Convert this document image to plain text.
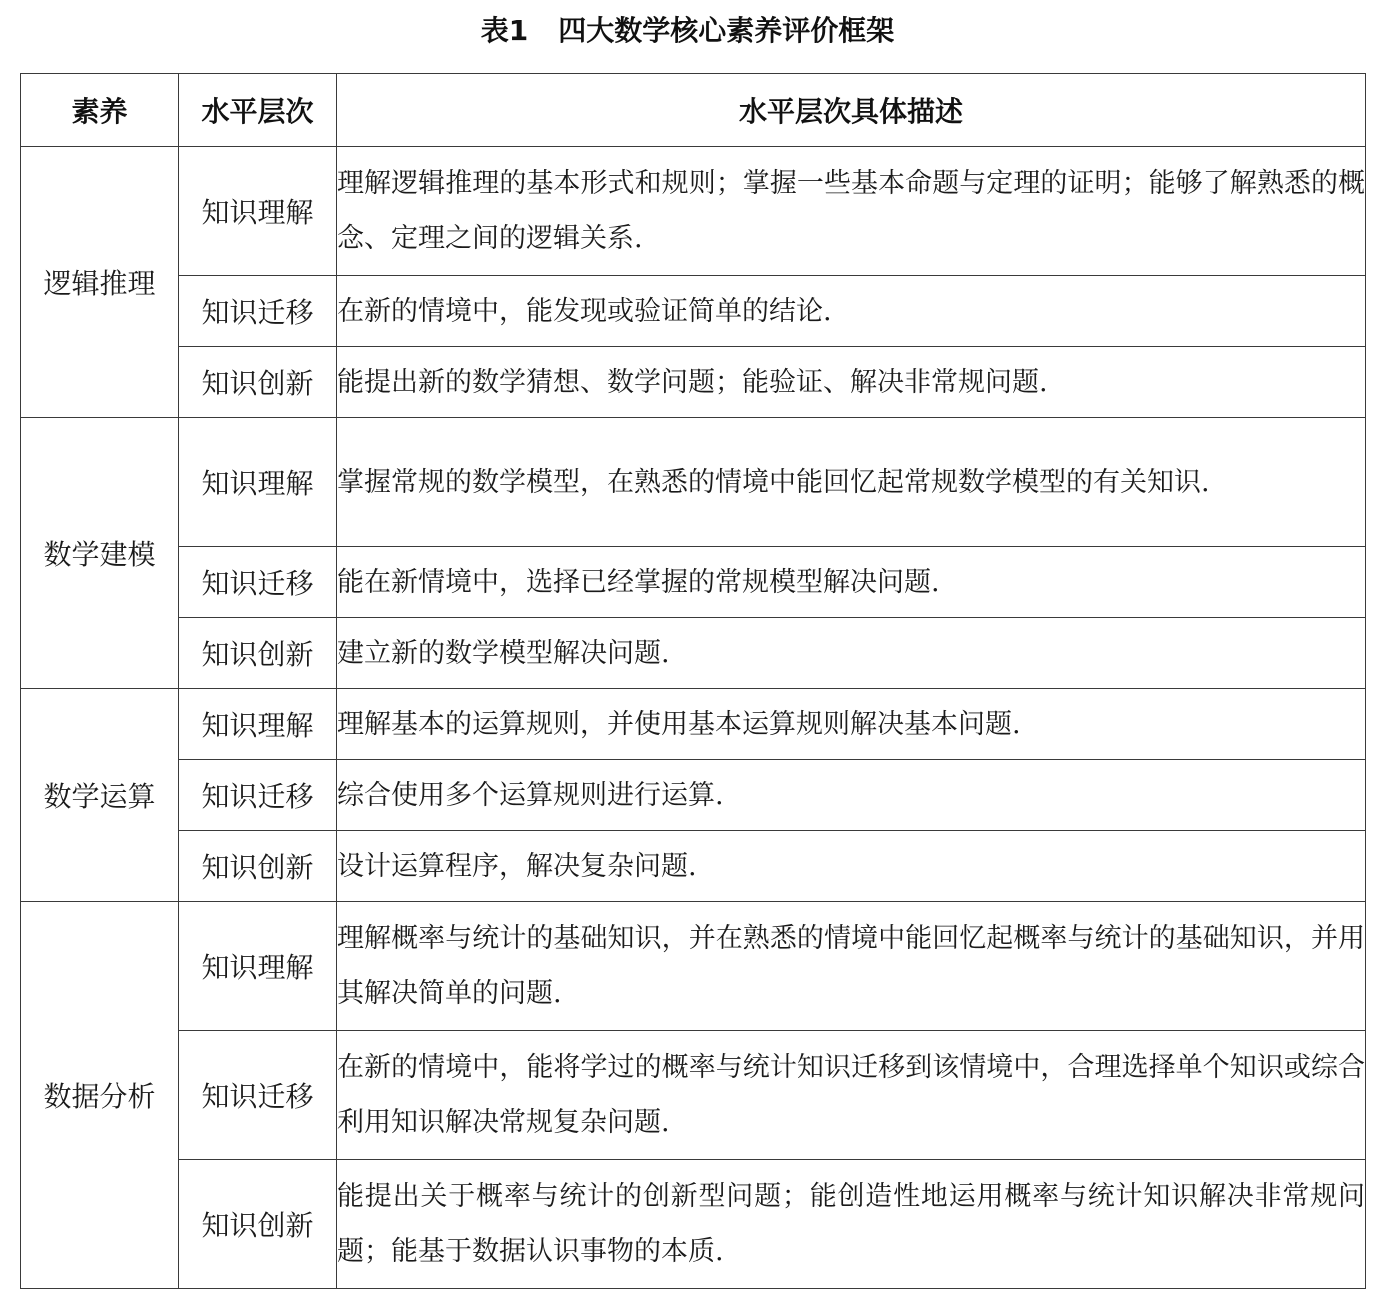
表1 四大数学核心素养评价框架
素养	水平层次	水平层次具体描述
逻辑推理	知识理解	理解逻辑推理的基本形式和规则；掌握一些基本命题与定理的证明；能够了解熟悉的概念、定理之间的逻辑关系.
	知识迁移	在新的情境中，能发现或验证简单的结论.
	知识创新	能提出新的数学猜想、数学问题；能验证、解决非常规问题.
数学建模	知识理解	掌握常规的数学模型，在熟悉的情境中能回忆起常规数学模型的有关知识.
	知识迁移	能在新情境中，选择已经掌握的常规模型解决问题.
	知识创新	建立新的数学模型解决问题.
数学运算	知识理解	理解基本的运算规则，并使用基本运算规则解决基本问题.
	知识迁移	综合使用多个运算规则进行运算.
	知识创新	设计运算程序，解决复杂问题.
数据分析	知识理解	理解概率与统计的基础知识，并在熟悉的情境中能回忆起概率与统计的基础知识，并用其解决简单的问题.
	知识迁移	在新的情境中，能将学过的概率与统计知识迁移到该情境中，合理选择单个知识或综合利用知识解决常规复杂问题.
	知识创新	能提出关于概率与统计的创新型问题；能创造性地运用概率与统计知识解决非常规问题；能基于数据认识事物的本质.
